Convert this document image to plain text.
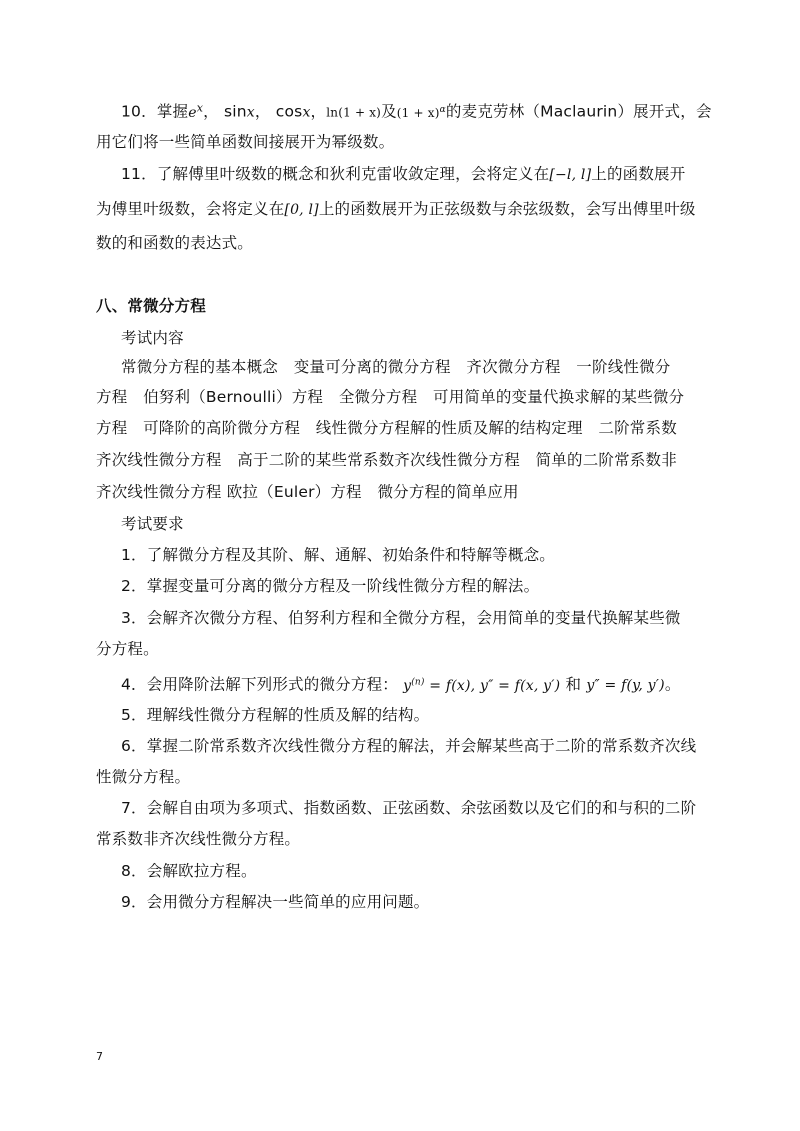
10．掌握$e^x$， sinx， cosx，ln(1 + x)及$(1 + x)^\alpha$的麦克劳林（Maclaurin）展开式，会
用它们将一些简单函数间接展开为幂级数。
11．了解傅里叶级数的概念和狄利克雷收敛定理，会将定义在[−l, l]上的函数展开
为傅里叶级数，会将定义在[0, l]上的函数展开为正弦级数与余弦级数，会写出傅里叶级
数的和函数的表达式。
八、常微分方程
考试内容
常微分方程的基本概念　变量可分离的微分方程　齐次微分方程　一阶线性微分
方程　伯努利（Bernoulli）方程　全微分方程　可用简单的变量代换求解的某些微分
方程　可降阶的高阶微分方程　线性微分方程解的性质及解的结构定理　二阶常系数
齐次线性微分方程　高于二阶的某些常系数齐次线性微分方程　简单的二阶常系数非
齐次线性微分方程 欧拉（Euler）方程　微分方程的简单应用
考试要求
1．了解微分方程及其阶、解、通解、初始条件和特解等概念。
2．掌握变量可分离的微分方程及一阶线性微分方程的解法。
3．会解齐次微分方程、伯努利方程和全微分方程，会用简单的变量代换解某些微
分方程。
4．会用降阶法解下列形式的微分方程： $y^{(n)} = f(x)$, y″ = f(x, y′) 和 y″ = f(y, y′)。
5．理解线性微分方程解的性质及解的结构。
6．掌握二阶常系数齐次线性微分方程的解法，并会解某些高于二阶的常系数齐次线
性微分方程。
7．会解自由项为多项式、指数函数、正弦函数、余弦函数以及它们的和与积的二阶
常系数非齐次线性微分方程。
8．会解欧拉方程。
9．会用微分方程解决一些简单的应用问题。
7
